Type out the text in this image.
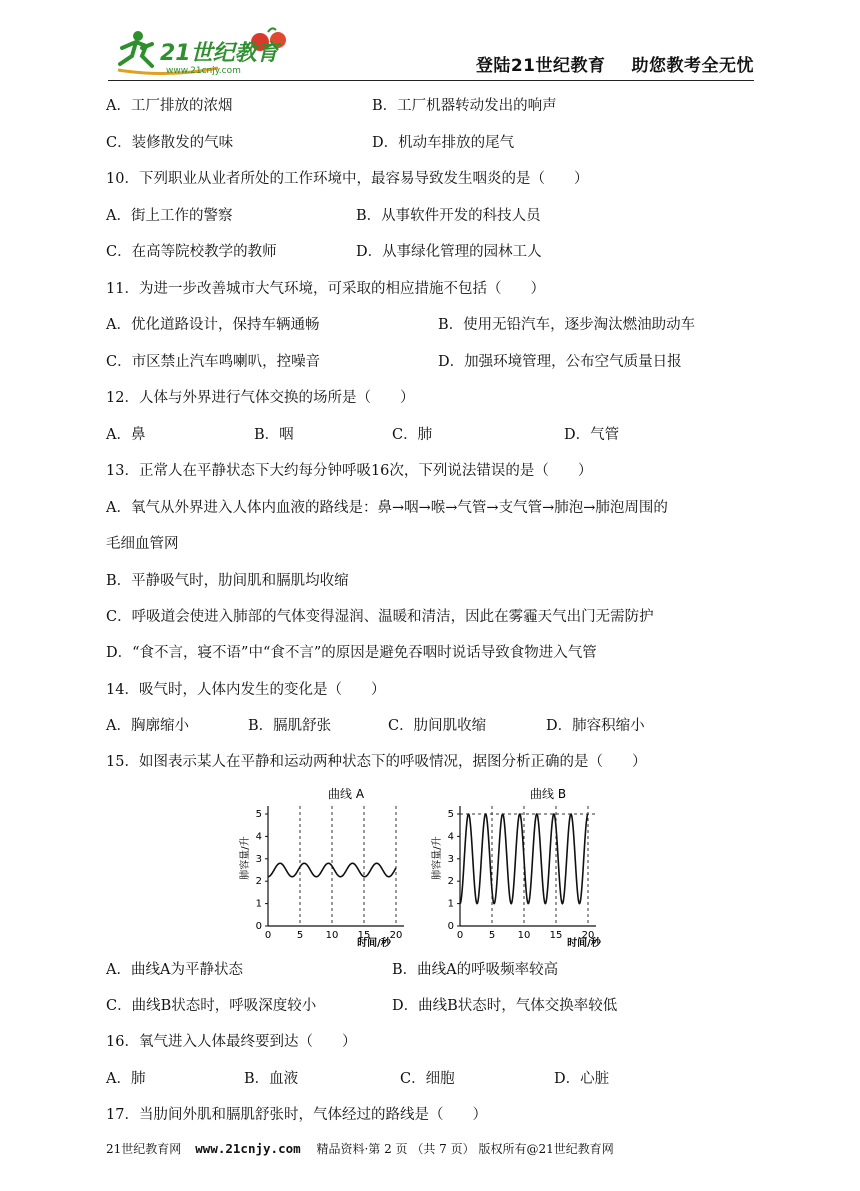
21世纪教育
www.21cnjy.com	登陆21世纪教育 助您教考全无忧
A．工厂排放的浓烟	B．工厂机器转动发出的响声
C．装修散发的气味	D．机动车排放的尾气
10．下列职业从业者所处的工作环境中，最容易导致发生咽炎的是（　　）
A．街上工作的警察	B．从事软件开发的科技人员
C．在高等院校教学的教师	D．从事绿化管理的园林工人
11．为进一步改善城市大气环境，可采取的相应措施不包括（　　）
A．优化道路设计，保持车辆通畅	B．使用无铅汽车，逐步淘汰燃油助动车
C．市区禁止汽车鸣喇叭，控噪音	D．加强环境管理，公布空气质量日报
12．人体与外界进行气体交换的场所是（　　）
A．鼻	B．咽	C．肺	D．气管
13．正常人在平静状态下大约每分钟呼吸16次，下列说法错误的是（　　）
A．氧气从外界进入人体内血液的路线是：鼻→咽→喉→气管→支气管→肺泡→肺泡周围的
毛细血管网
B．平静吸气时，肋间肌和膈肌均收缩
C．呼吸道会使进入肺部的气体变得湿润、温暖和清洁，因此在雾霾天气出门无需防护
D．“食不言，寝不语”中“食不言”的原因是避免吞咽时说话导致食物进入气管
14．吸气时，人体内发生的变化是（　　）
A．胸廓缩小	B．膈肌舒张	C．肋间肌收缩	D．肺容积缩小
15．如图表示某人在平静和运动两种状态下的呼吸情况，据图分析正确的是（　　）
曲线 A
肺容量/升
时间/秒
0
1
2
3
4
5
0	5 10 15 20
曲线 B
肺容量/升
时间/秒
0
1
2
3
4
5
0	5 10 15 20
A．曲线A为平静状态	B．曲线A的呼吸频率较高
C．曲线B状态时，呼吸深度较小	D．曲线B状态时，气体交换率较低
16．氧气进入人体最终要到达（　　）
A．肺	B．血液	C．细胞	D．心脏
17．当肋间外肌和膈肌舒张时，气体经过的路线是（　　）
21世纪教育网 www.21cnjy.com 精品资料·第 2 页 （共 7 页） 版权所有@21世纪教育网
